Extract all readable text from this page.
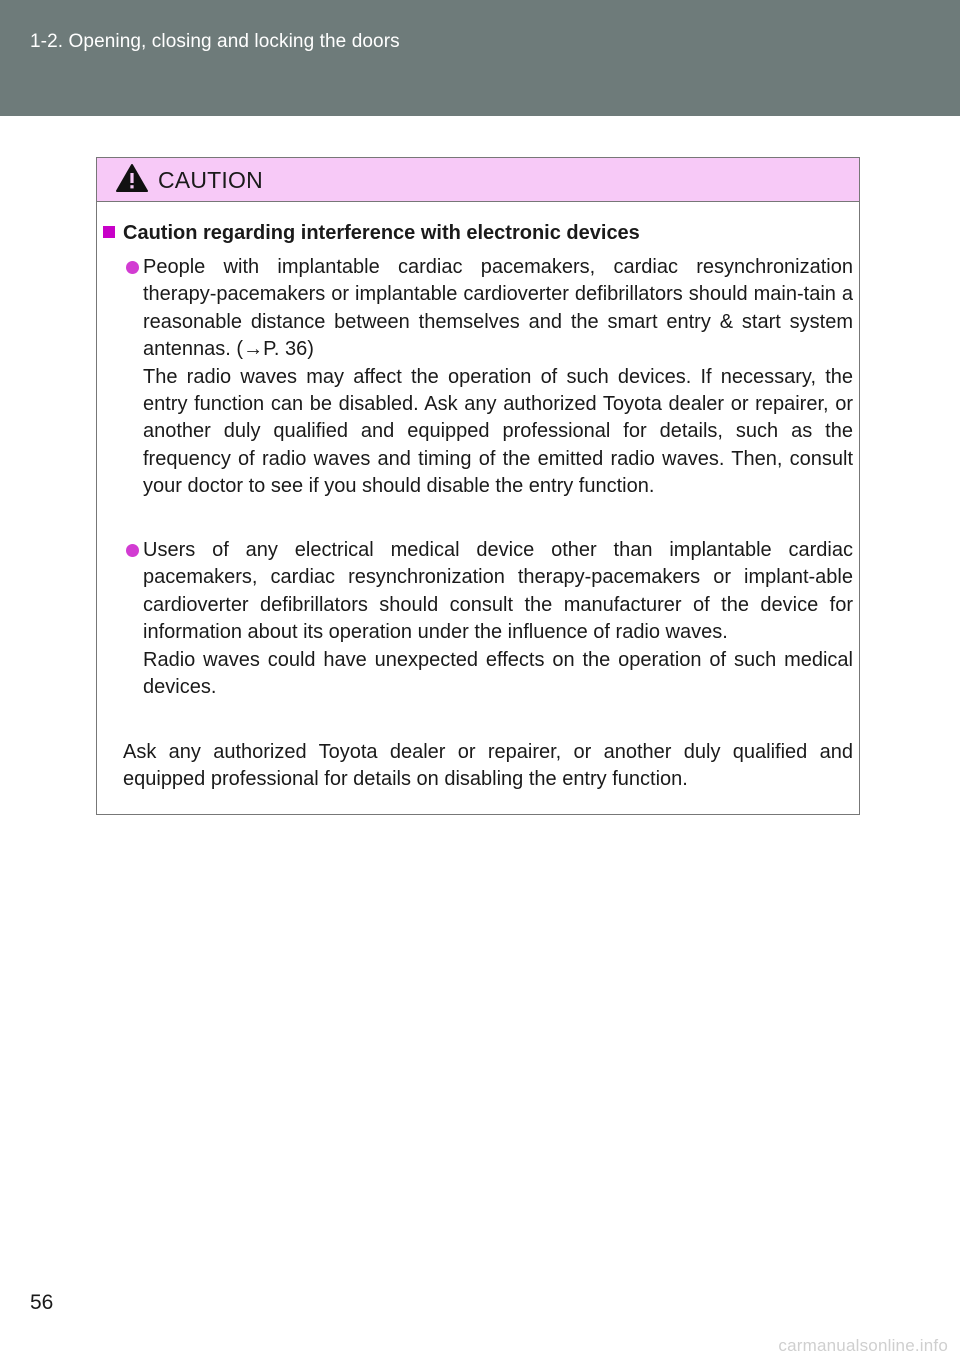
1-2. Opening, closing and locking the doors
CAUTION
Caution regarding interference with electronic devices

People with implantable cardiac pacemakers, cardiac resynchronization therapy-pacemakers or implantable cardioverter defibrillators should main-tain a reasonable distance between themselves and the smart entry & start system antennas. (→P. 36)

The radio waves may affect the operation of such devices. If necessary, the entry function can be disabled. Ask any authorized Toyota dealer or repairer, or another duly qualified and equipped professional for details, such as the frequency of radio waves and timing of the emitted radio waves. Then, consult your doctor to see if you should disable the entry function.

Users of any electrical medical device other than implantable cardiac pacemakers, cardiac resynchronization therapy-pacemakers or implant-able cardioverter defibrillators should consult the manufacturer of the device for information about its operation under the influence of radio waves.

Radio waves could have unexpected effects on the operation of such medical devices.

Ask any authorized Toyota dealer or repairer, or another duly qualified and equipped professional for details on disabling the entry function.

56
carmanualsonline.info
